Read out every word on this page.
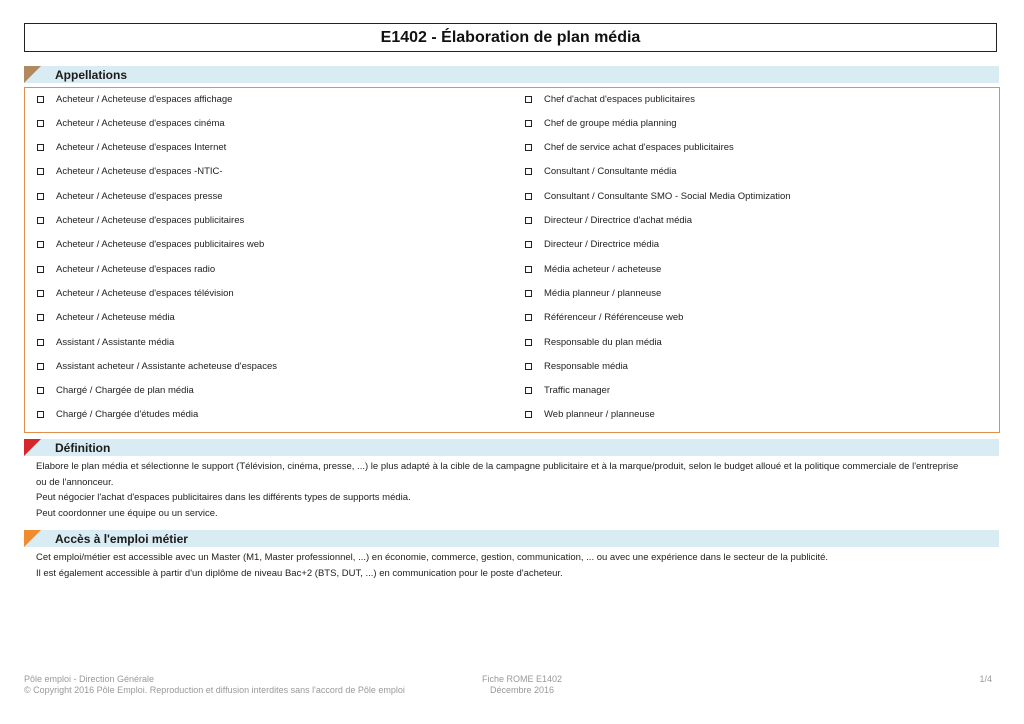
E1402 - Élaboration de plan média
Appellations
Acheteur / Acheteuse d'espaces affichage
Acheteur / Acheteuse d'espaces cinéma
Acheteur / Acheteuse d'espaces Internet
Acheteur / Acheteuse d'espaces -NTIC-
Acheteur / Acheteuse d'espaces presse
Acheteur / Acheteuse d'espaces publicitaires
Acheteur / Acheteuse d'espaces publicitaires web
Acheteur / Acheteuse d'espaces radio
Acheteur / Acheteuse d'espaces télévision
Acheteur / Acheteuse média
Assistant / Assistante média
Assistant acheteur / Assistante acheteuse d'espaces
Chargé / Chargée de plan média
Chargé / Chargée d'études média
Chef d'achat d'espaces publicitaires
Chef de groupe média planning
Chef de service achat d'espaces publicitaires
Consultant / Consultante média
Consultant / Consultante SMO - Social Media Optimization
Directeur / Directrice d'achat média
Directeur / Directrice média
Média acheteur / acheteuse
Média planneur / planneuse
Référenceur / Référenceuse web
Responsable du plan média
Responsable média
Traffic manager
Web planneur / planneuse
Définition
Elabore le plan média et sélectionne le support (Télévision, cinéma, presse, ...) le plus adapté à la cible de la campagne publicitaire et à la marque/produit, selon le budget alloué et la politique commerciale de l'entreprise
ou de l'annonceur.
Peut négocier l'achat d'espaces publicitaires dans les différents types de supports média.
Peut coordonner une équipe ou un service.
Accès à l'emploi métier
Cet emploi/métier est accessible avec un Master (M1, Master professionnel, ...) en économie, commerce, gestion, communication, ... ou avec une expérience dans le secteur de la publicité.
Il est également accessible à partir d'un diplôme de niveau Bac+2 (BTS, DUT, ...) en communication pour le poste d'acheteur.
Pôle emploi - Direction Générale
© Copyright 2016 Pôle Emploi. Reproduction et diffusion interdites sans l'accord de Pôle emploi
Fiche ROME E1402
Décembre 2016
1/4
